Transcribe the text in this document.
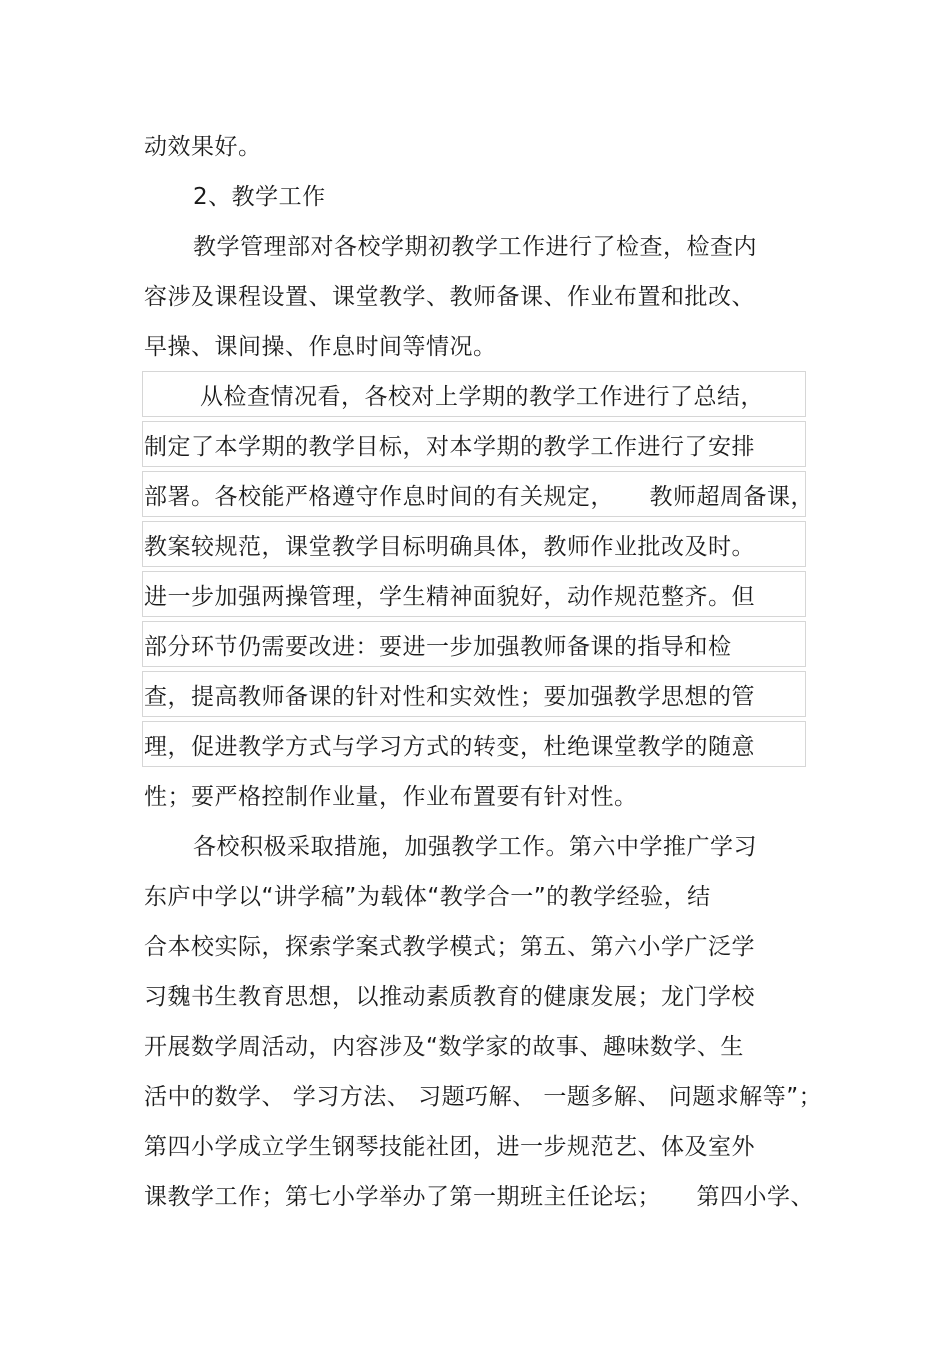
动效果好。
2、教学工作
教学管理部对各校学期初教学工作进行了检查，检查内
容涉及课程设置、课堂教学、教师备课、作业布置和批改、
早操、课间操、作息时间等情况。
从检查情况看，各校对上学期的教学工作进行了总结，
制定了本学期的教学目标，对本学期的教学工作进行了安排
部署。各校能严格遵守作息时间的有关规定，　　教师超周备课，
教案较规范，课堂教学目标明确具体，教师作业批改及时。
进一步加强两操管理，学生精神面貌好，动作规范整齐。但
部分环节仍需要改进：要进一步加强教师备课的指导和检
查，提高教师备课的针对性和实效性；要加强教学思想的管
理，促进教学方式与学习方式的转变，杜绝课堂教学的随意
性；要严格控制作业量，作业布置要有针对性。
各校积极采取措施，加强教学工作。第六中学推广学习
东庐中学以“讲学稿”为载体“教学合一”的教学经验，结
合本校实际，探索学案式教学模式；第五、第六小学广泛学
习魏书生教育思想，以推动素质教育的健康发展；龙门学校
开展数学周活动，内容涉及“数学家的故事、趣味数学、生
活中的数学、 学习方法、 习题巧解、 一题多解、 问题求解等”；
第四小学成立学生钢琴技能社团，进一步规范艺、体及室外
课教学工作；第七小学举办了第一期班主任论坛；　　第四小学、
